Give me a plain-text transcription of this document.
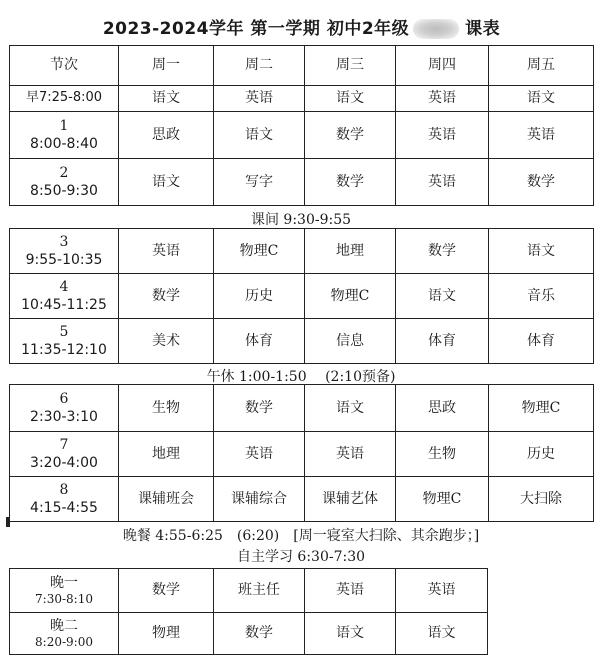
2023-2024学年 第一学期 初中2年级	课表
节次	周一	周二	周三	周四	周五
早7:25-8:00	语文	英语	语文	英语	语文

1
8:00-8:40	思政	语文	数学	英语	英语

2
8:50-9:30	语文	写字	数学	英语	数学
课间 9:30-9:55
3
9:55-10:35	英语	物理C	地理	数学	语文

4
10:45-11:25	数学	历史	物理C	语文	音乐

5
11:35-12:10	美术	体育	信息	体育	体育
午休 1:00-1:50　 (2:10预备)
6
2:30-3:10	生物	数学	语文	思政	物理C

7
3:20-4:00	地理	英语	英语	生物	历史

8
4:15-4:55	课辅班会	课辅综合	课辅艺体	物理C	大扫除
晚餐 4:55-6:25　(6:20)　[周一寝室大扫除、其余跑步；]
自主学习 6:30-7:30
晚一
7:30-8:10	数学	班主任	英语	英语

晚二
8:20-9:00	物理	数学	语文	语文
